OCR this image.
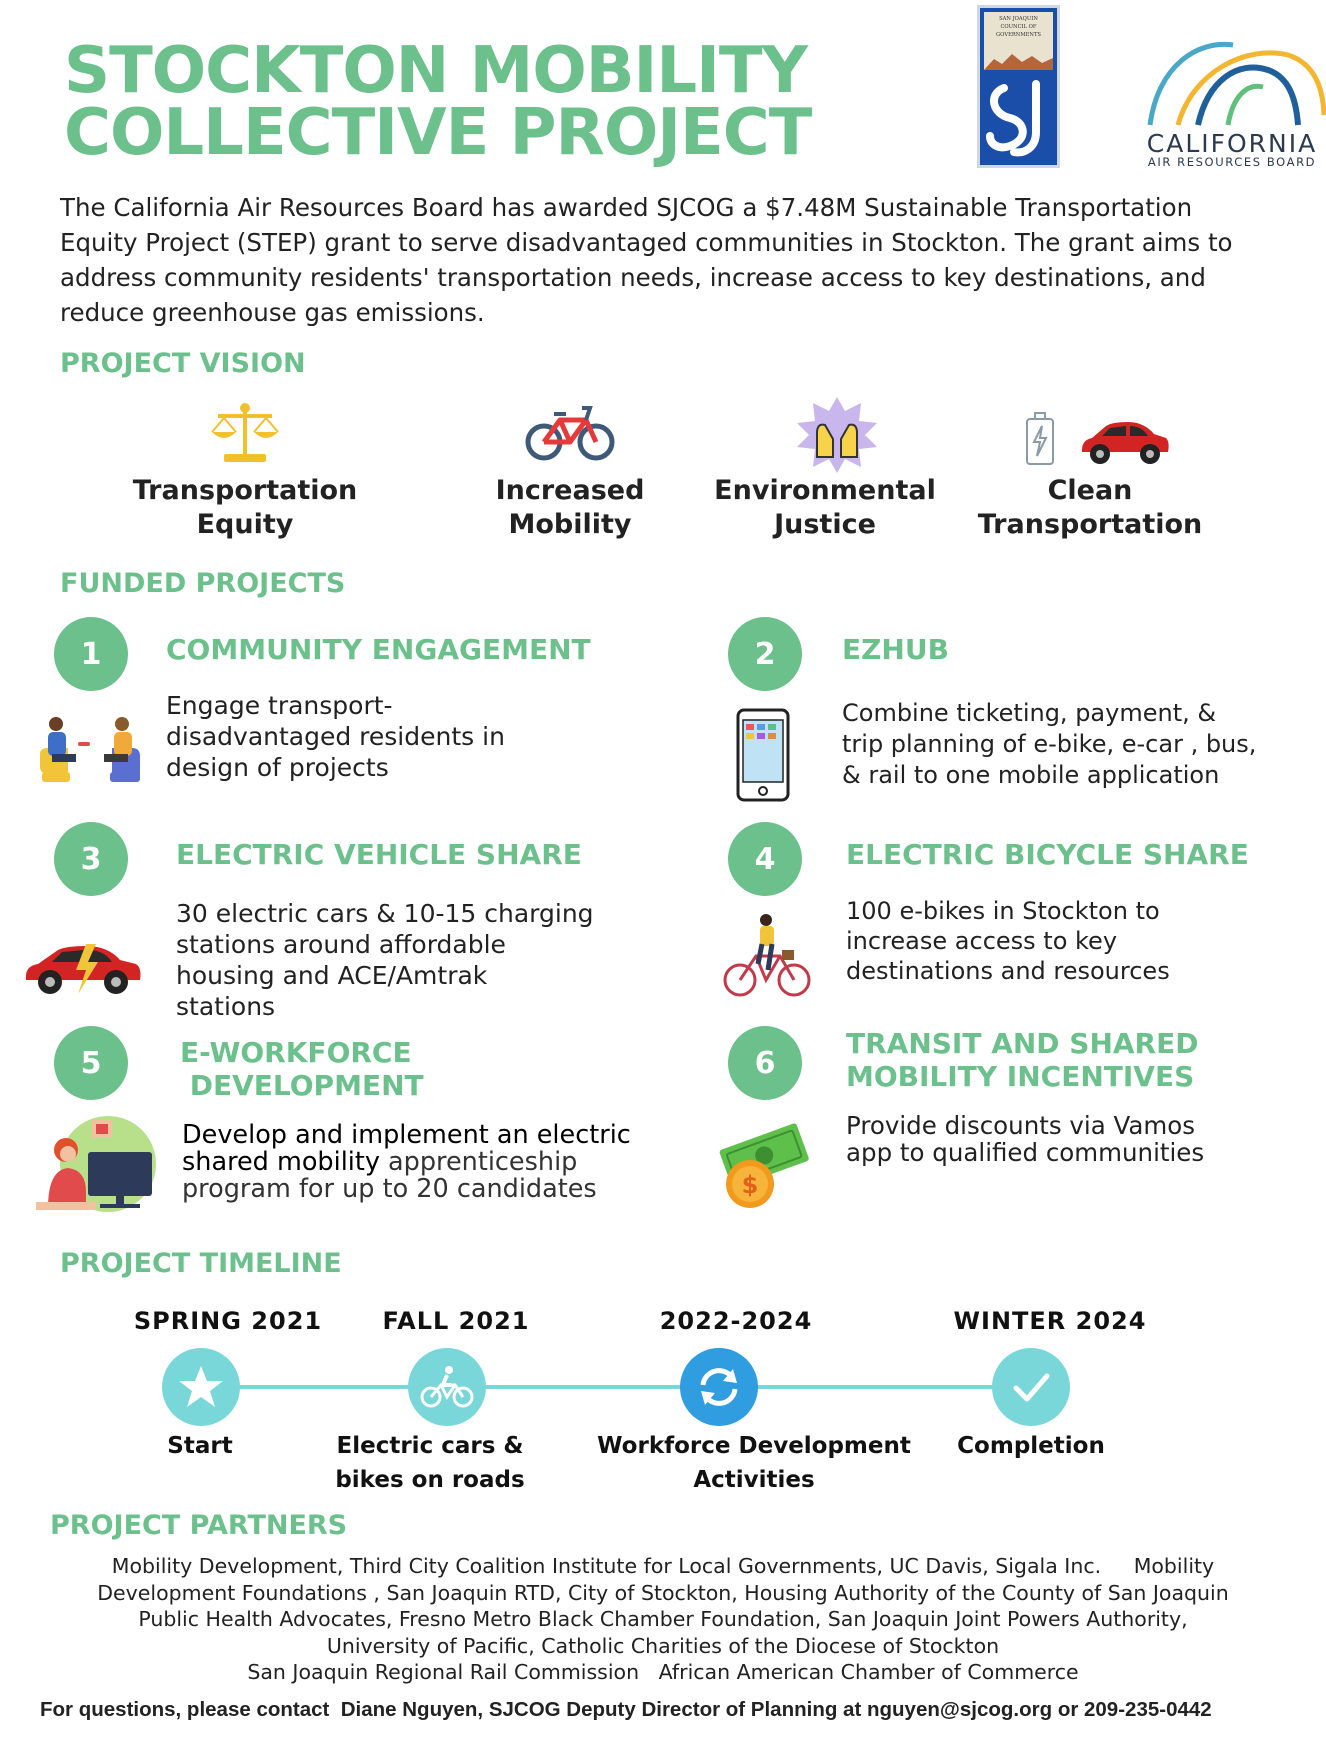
STOCKTON MOBILITY
COLLECTIVE PROJECT
SAN JOAQUIN
COUNCIL OF
GOVERNMENTS
CALIFORNIA
AIR RESOURCES BOARD
The California Air Resources Board has awarded SJCOG a $7.48M Sustainable Transportation Equity Project (STEP) grant to serve disadvantaged communities in Stockton. The grant aims to address community residents' transportation needs, increase access to key destinations, and reduce greenhouse gas emissions.
PROJECT VISION
Transportation
Equity
Increased
Mobility
Environmental
Justice
Clean
Transportation
FUNDED PROJECTS
1	COMMUNITY ENGAGEMENT
Engage transport-
disadvantaged residents in
design of projects
2	EZHUB
Combine ticketing, payment, &
trip planning of e-bike, e-car , bus,
& rail to one mobile application
3	ELECTRIC VEHICLE SHARE
30 electric cars & 10-15 charging
stations around affordable
housing and ACE/Amtrak
stations
4	ELECTRIC BICYCLE SHARE
100 e-bikes in Stockton to
increase access to key
destinations and resources
5	E-WORKFORCE
DEVELOPMENT
Develop and implement an electric
shared mobility apprenticeship
program for up to 20 candidates
6
TRANSIT AND SHARED
MOBILITY INCENTIVES
$
Provide discounts via Vamos
app to qualified communities
PROJECT TIMELINE
SPRING 2021	FALL 2021	2022-2024	WINTER 2024
Start	Electric cars &
bikes on roads
Workforce Development
Activities
Completion
PROJECT PARTNERS
Mobility Development, Third City Coalition Institute for Local Governments, UC Davis, Sigala Inc.     Mobility
Development Foundations , San Joaquin RTD, City of Stockton, Housing Authority of the County of San Joaquin
Public Health Advocates, Fresno Metro Black Chamber Foundation, San Joaquin Joint Powers Authority,
University of Pacific, Catholic Charities of the Diocese of Stockton
San Joaquin Regional Rail Commission   African American Chamber of Commerce
For questions, please contact  Diane Nguyen, SJCOG Deputy Director of Planning at nguyen@sjcog.org or 209-235-0442
